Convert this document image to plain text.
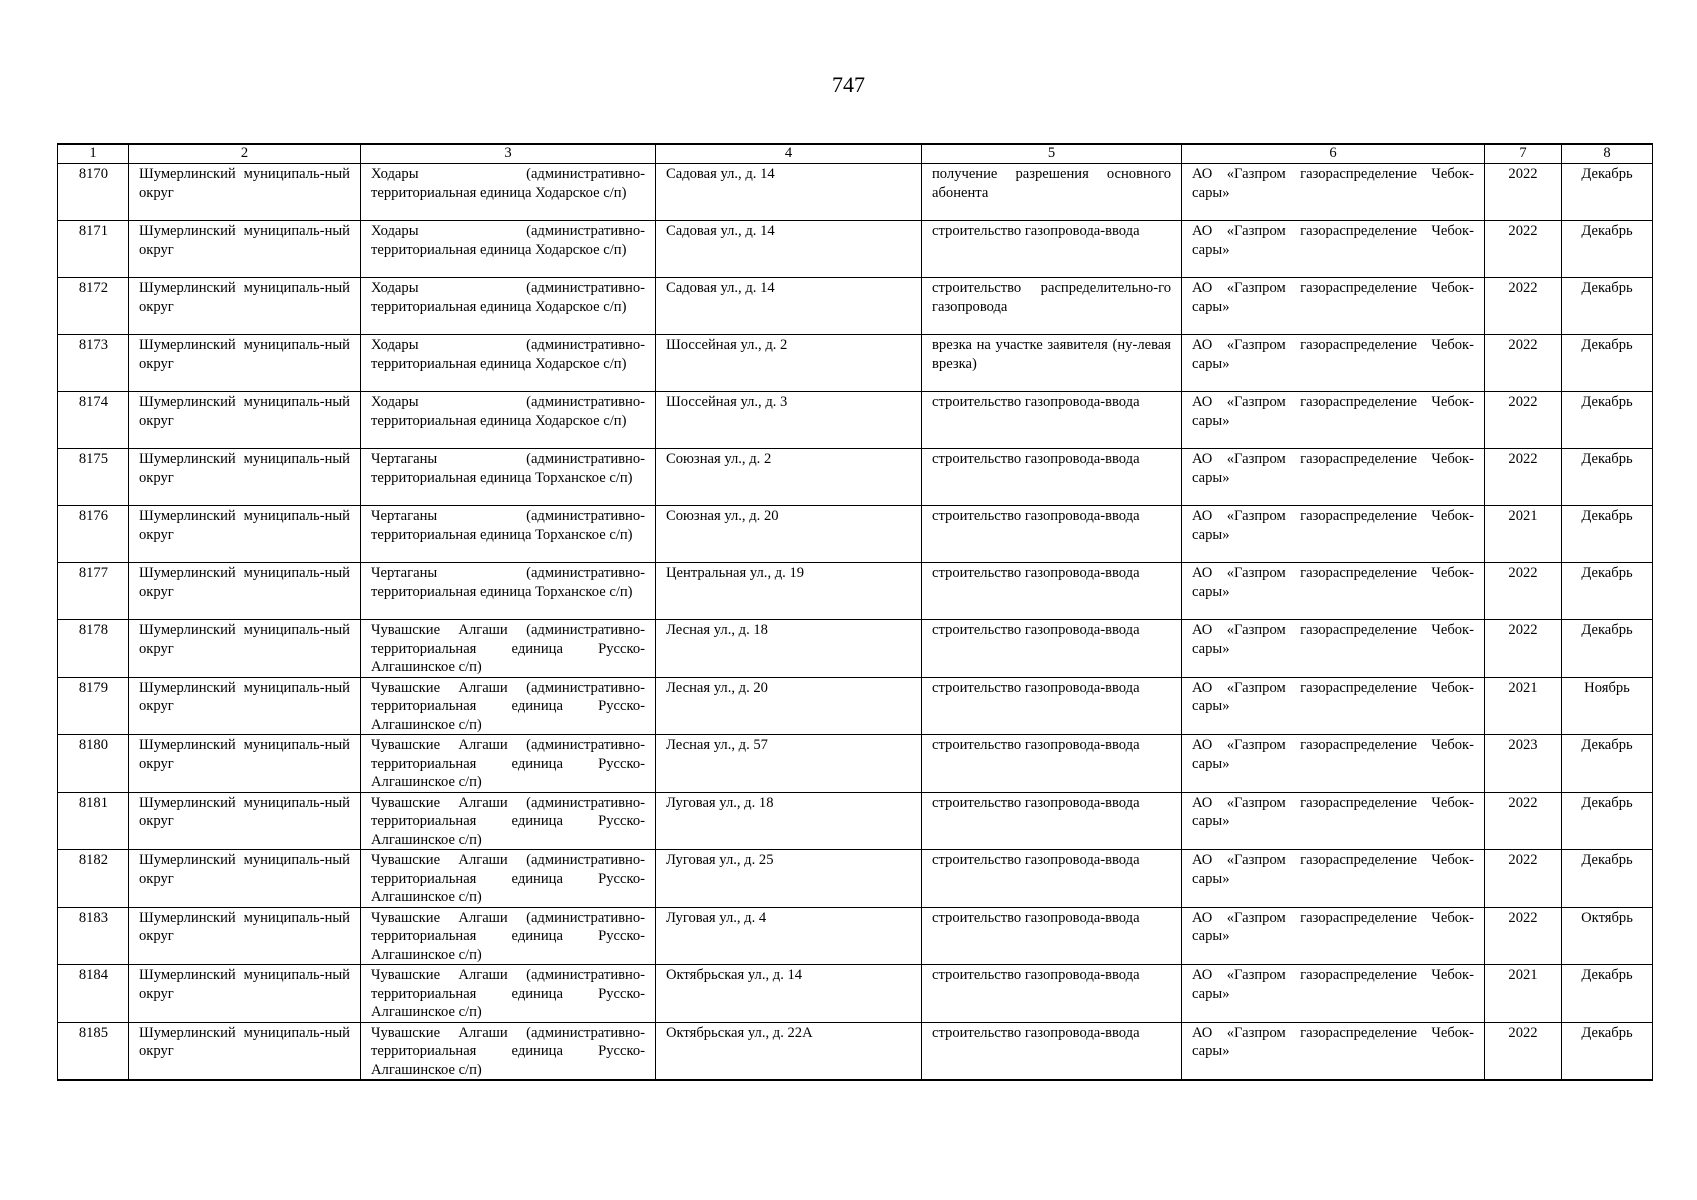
747
1	2	3	4	5	6	7	8
8170	Шумерлинский муниципаль-ный округ	Ходары (административно-территориальная единица Ходарское с/п)	Садовая ул., д. 14	получение разрешения основного абонента	АО «Газпром газораспределение Чебок-сары»	2022	Декабрь
8171	Шумерлинский муниципаль-ный округ	Ходары (административно-территориальная единица Ходарское с/п)	Садовая ул., д. 14	строительство газопровода-ввода	АО «Газпром газораспределение Чебок-сары»	2022	Декабрь
8172	Шумерлинский муниципаль-ный округ	Ходары (административно-территориальная единица Ходарское с/п)	Садовая ул., д. 14	строительство распределительно-го газопровода	АО «Газпром газораспределение Чебок-сары»	2022	Декабрь
8173	Шумерлинский муниципаль-ный округ	Ходары (административно-территориальная единица Ходарское с/п)	Шоссейная ул., д. 2	врезка на участке заявителя (ну-левая врезка)	АО «Газпром газораспределение Чебок-сары»	2022	Декабрь
8174	Шумерлинский муниципаль-ный округ	Ходары (административно-территориальная единица Ходарское с/п)	Шоссейная ул., д. 3	строительство газопровода-ввода	АО «Газпром газораспределение Чебок-сары»	2022	Декабрь
8175	Шумерлинский муниципаль-ный округ	Чертаганы (административно-территориальная единица Торханское с/п)	Союзная ул., д. 2	строительство газопровода-ввода	АО «Газпром газораспределение Чебок-сары»	2022	Декабрь
8176	Шумерлинский муниципаль-ный округ	Чертаганы (административно-территориальная единица Торханское с/п)	Союзная ул., д. 20	строительство газопровода-ввода	АО «Газпром газораспределение Чебок-сары»	2021	Декабрь
8177	Шумерлинский муниципаль-ный округ	Чертаганы (административно-территориальная единица Торханское с/п)	Центральная ул., д. 19	строительство газопровода-ввода	АО «Газпром газораспределение Чебок-сары»	2022	Декабрь
8178	Шумерлинский муниципаль-ный округ	Чувашские Алгаши (административно-территориальная единица Русско-Алгашинское с/п)	Лесная ул., д. 18	строительство газопровода-ввода	АО «Газпром газораспределение Чебок-сары»	2022	Декабрь
8179	Шумерлинский муниципаль-ный округ	Чувашские Алгаши (административно-территориальная единица Русско-Алгашинское с/п)	Лесная ул., д. 20	строительство газопровода-ввода	АО «Газпром газораспределение Чебок-сары»	2021	Ноябрь
8180	Шумерлинский муниципаль-ный округ	Чувашские Алгаши (административно-территориальная единица Русско-Алгашинское с/п)	Лесная ул., д. 57	строительство газопровода-ввода	АО «Газпром газораспределение Чебок-сары»	2023	Декабрь
8181	Шумерлинский муниципаль-ный округ	Чувашские Алгаши (административно-территориальная единица Русско-Алгашинское с/п)	Луговая ул., д. 18	строительство газопровода-ввода	АО «Газпром газораспределение Чебок-сары»	2022	Декабрь
8182	Шумерлинский муниципаль-ный округ	Чувашские Алгаши (административно-территориальная единица Русско-Алгашинское с/п)	Луговая ул., д. 25	строительство газопровода-ввода	АО «Газпром газораспределение Чебок-сары»	2022	Декабрь
8183	Шумерлинский муниципаль-ный округ	Чувашские Алгаши (административно-территориальная единица Русско-Алгашинское с/п)	Луговая ул., д. 4	строительство газопровода-ввода	АО «Газпром газораспределение Чебок-сары»	2022	Октябрь
8184	Шумерлинский муниципаль-ный округ	Чувашские Алгаши (административно-территориальная единица Русско-Алгашинское с/п)	Октябрьская ул., д. 14	строительство газопровода-ввода	АО «Газпром газораспределение Чебок-сары»	2021	Декабрь
8185	Шумерлинский муниципаль-ный округ	Чувашские Алгаши (административно-территориальная единица Русско-Алгашинское с/п)	Октябрьская ул., д. 22А	строительство газопровода-ввода	АО «Газпром газораспределение Чебок-сары»	2022	Декабрь
